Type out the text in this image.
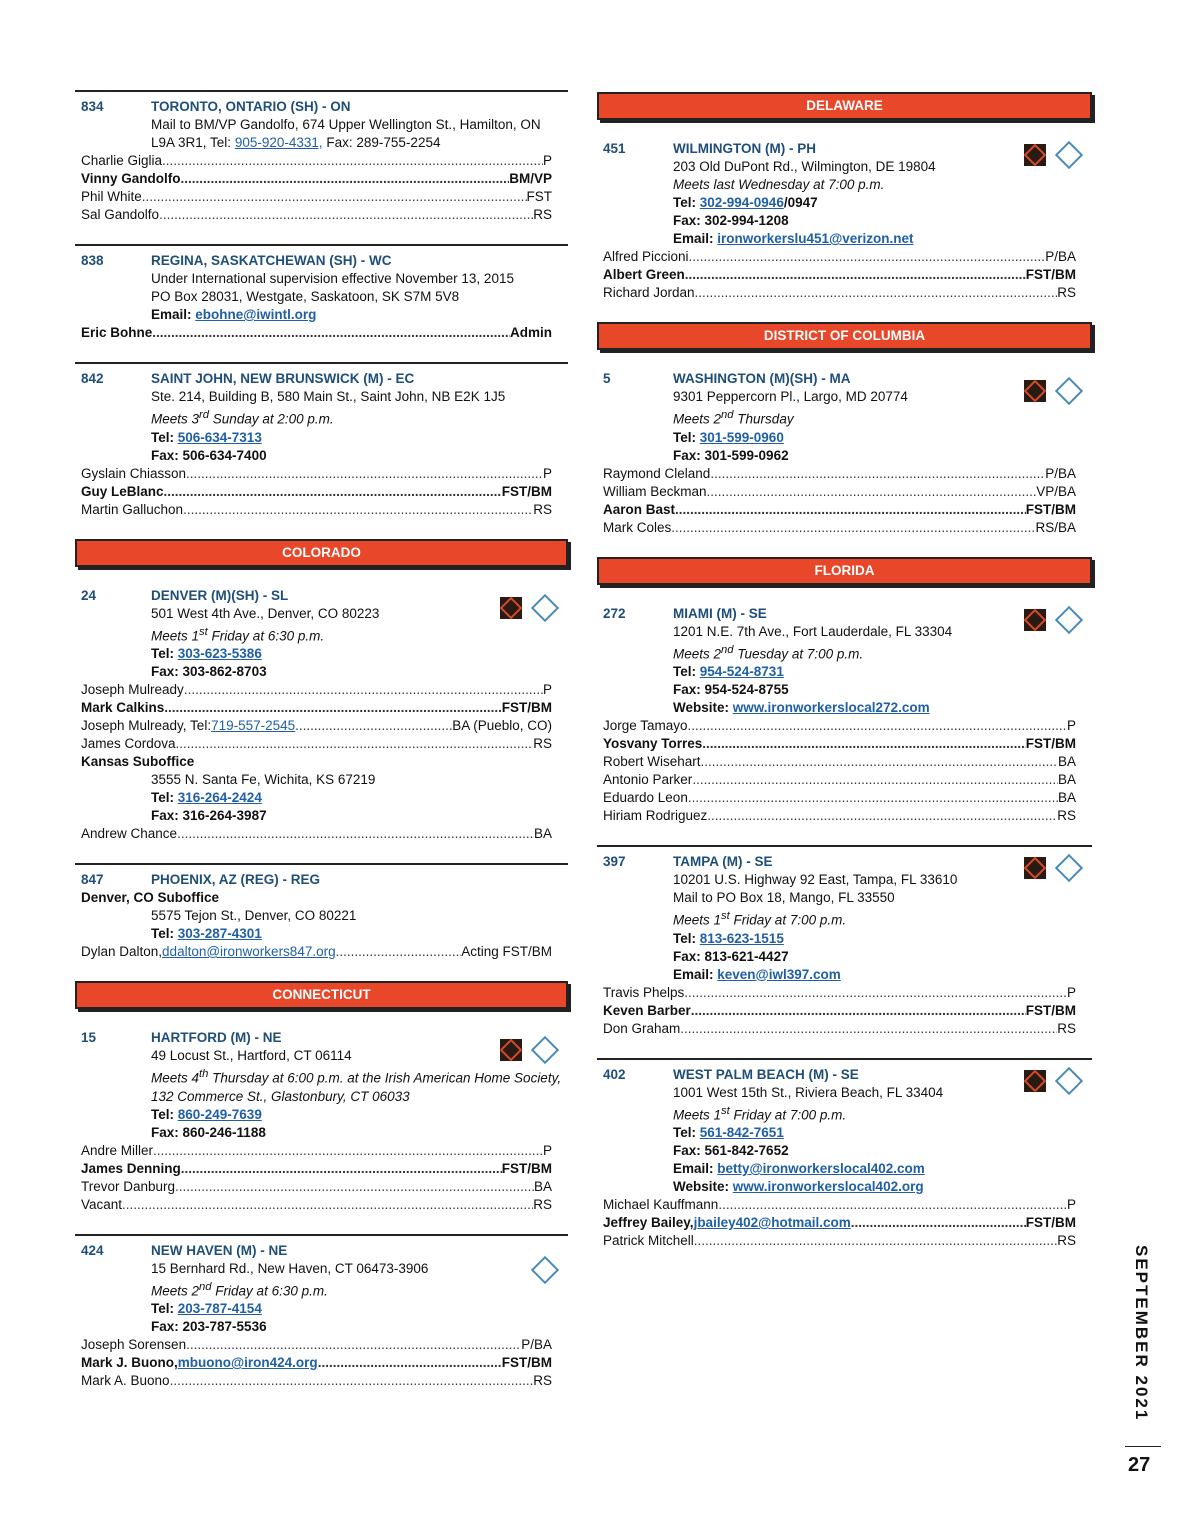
834	TORONTO, ONTARIO (SH) - ON
Mail to BM/VP Gandolfo, 674 Upper Wellington St., Hamilton, ON
L9A 3R1, Tel: 905-920-4331, Fax: 289-755-2254
Charlie Giglia .....	P
Vinny Gandolfo .....	BM/VP
Phil White .....	FST
Sal Gandolfo .....	RS
838	REGINA, SASKATCHEWAN (SH) - WC
Under International supervision effective November 13, 2015
PO Box 28031, Westgate, Saskatoon, SK S7M 5V8
Email: ebohne@iwintl.org
Eric Bohne .....	Admin
842	SAINT JOHN, NEW BRUNSWICK (M) - EC
Ste. 214, Building B, 580 Main St., Saint John, NB E2K 1J5
Meets 3rd Sunday at 2:00 p.m.
Tel: 506-634-7313
Fax: 506-634-7400
Gyslain Chiasson .....	P
Guy LeBlanc .....	FST/BM
Martin Galluchon .....	RS
COLORADO
24	DENVER (M)(SH) - SL
501 West 4th Ave., Denver, CO 80223
Meets 1st Friday at 6:30 p.m.
Tel: 303-623-5386
Fax: 303-862-8703
Joseph Mulready .....	P
Mark Calkins .....	FST/BM
Joseph Mulready, Tel: 719-557-2545 .....	BA (Pueblo, CO)
James Cordova .....	RS
Kansas Suboffice
3555 N. Santa Fe, Wichita, KS 67219
Tel: 316-264-2424
Fax: 316-264-3987
Andrew Chance .....	BA
847	PHOENIX, AZ (REG) - REG
Denver, CO Suboffice
5575 Tejon St., Denver, CO 80221
Tel: 303-287-4301
Dylan Dalton, ddalton@ironworkers847.org .....	Acting FST/BM
CONNECTICUT
15	HARTFORD (M) - NE
49 Locust St., Hartford, CT 06114
Meets 4th Thursday at 6:00 p.m. at the Irish American Home Society,
132 Commerce St., Glastonbury, CT 06033
Tel: 860-249-7639
Fax: 860-246-1188
Andre Miller .....	P
James Denning .....	FST/BM
Trevor Danburg .....	BA
Vacant .....	RS
424	NEW HAVEN (M) - NE
15 Bernhard Rd., New Haven, CT 06473-3906
Meets 2nd Friday at 6:30 p.m.
Tel: 203-787-4154
Fax: 203-787-5536
Joseph Sorensen .....	P/BA
Mark J. Buono, mbuono@iron424.org .....	FST/BM
Mark A. Buono .....	RS
DELAWARE
451	WILMINGTON (M) - PH
203 Old DuPont Rd., Wilmington, DE 19804
Meets last Wednesday at 7:00 p.m.
Tel: 302-994-0946/0947
Fax: 302-994-1208
Email: ironworkerslu451@verizon.net
Alfred Piccioni .....	P/BA
Albert Green .....	FST/BM
Richard Jordan .....	RS
DISTRICT OF COLUMBIA
5	WASHINGTON (M)(SH) - MA
9301 Peppercorn Pl., Largo, MD 20774
Meets 2nd Thursday
Tel: 301-599-0960
Fax: 301-599-0962
Raymond Cleland .....	P/BA
William Beckman .....	VP/BA
Aaron Bast .....	FST/BM
Mark Coles .....	RS/BA
FLORIDA
272	MIAMI (M) - SE
1201 N.E. 7th Ave., Fort Lauderdale, FL 33304
Meets 2nd Tuesday at 7:00 p.m.
Tel: 954-524-8731
Fax: 954-524-8755
Website: www.ironworkerslocal272.com
Jorge Tamayo .....	P
Yosvany Torres .....	FST/BM
Robert Wisehart .....	BA
Antonio Parker .....	BA
Eduardo Leon .....	BA
Hiriam Rodriguez .....	RS
397	TAMPA (M) - SE
10201 U.S. Highway 92 East, Tampa, FL 33610
Mail to PO Box 18, Mango, FL 33550
Meets 1st Friday at 7:00 p.m.
Tel: 813-623-1515
Fax: 813-621-4427
Email: keven@iwl397.com
Travis Phelps .....	P
Keven Barber .....	FST/BM
Don Graham .....	RS
402	WEST PALM BEACH (M) - SE
1001 West 15th St., Riviera Beach, FL 33404
Meets 1st Friday at 7:00 p.m.
Tel: 561-842-7651
Fax: 561-842-7652
Email: betty@ironworkerslocal402.com
Website: www.ironworkerslocal402.org
Michael Kauffmann .....	P
Jeffrey Bailey, jbailey402@hotmail.com .....	FST/BM
Patrick Mitchell .....	RS
SEPTEMBER 2021
27
